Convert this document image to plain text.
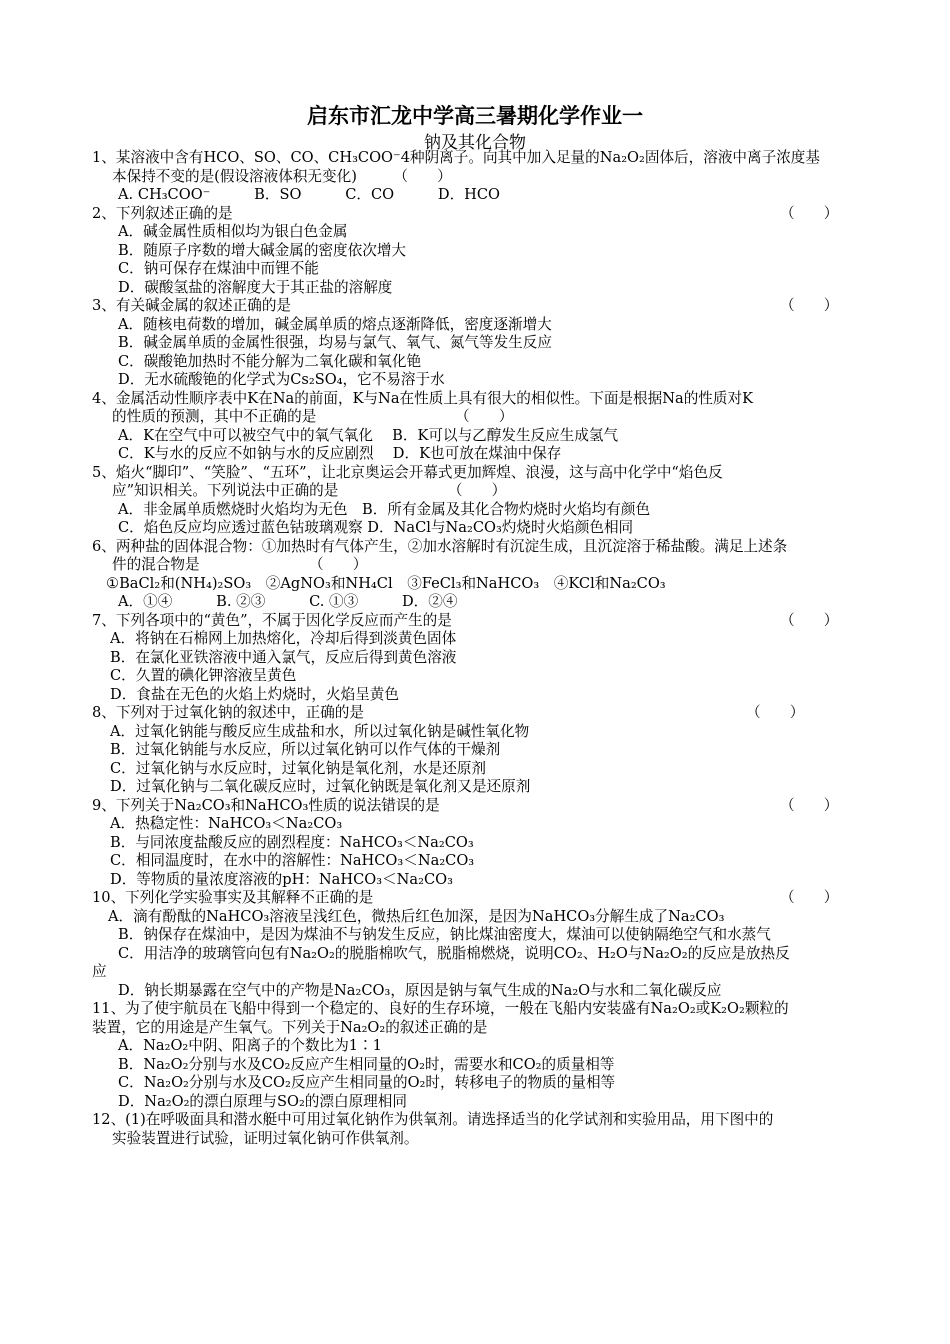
启东市汇龙中学高三暑期化学作业一
钠及其化合物
1、某溶液中含有HCO、SO、CO、CH₃COO⁻4种阴离子。向其中加入足量的Na₂O₂固体后，溶液中离子浓度基
本保持不变的是(假设溶液体积无变化)　　　（　　）
A. CH₃COO⁻　　　B．SO　　　C．CO　　　D．HCO
2、下列叙述正确的是	（　　）
A．碱金属性质相似均为银白色金属
B．随原子序数的增大碱金属的密度依次增大
C．钠可保存在煤油中而锂不能
D．碳酸氢盐的溶解度大于其正盐的溶解度
3、有关碱金属的叙述正确的是	（　　）
A．随核电荷数的增加，碱金属单质的熔点逐渐降低，密度逐渐增大
B．碱金属单质的金属性很强，均易与氯气、氧气、氮气等发生反应
C．碳酸铯加热时不能分解为二氧化碳和氧化铯
D．无水硫酸铯的化学式为Cs₂SO₄，它不易溶于水
4、金属活动性顺序表中K在Na的前面，K与Na在性质上具有很大的相似性。下面是根据Na的性质对K
的性质的预测，其中不正确的是　　　　　　　　　　（　　）
A．K在空气中可以被空气中的氧气氧化　 B．K可以与乙醇发生反应生成氢气
C．K与水的反应不如钠与水的反应剧烈　 D．K也可放在煤油中保存
5、焰火“脚印”、“笑脸”、“五环”，让北京奥运会开幕式更加辉煌、浪漫，这与高中化学中“焰色反
应”知识相关。下列说法中正确的是　　　　　　　　（　　）
A．非金属单质燃烧时火焰均为无色　B．所有金属及其化合物灼烧时火焰均有颜色
C．焰色反应均应透过蓝色钴玻璃观察 D．NaCl与Na₂CO₃灼烧时火焰颜色相同
6、两种盐的固体混合物：①加热时有气体产生，②加水溶解时有沉淀生成，且沉淀溶于稀盐酸。满足上述条
件的混合物是　　　　　　　　（　　）
①BaCl₂和(NH₄)₂SO₃　②AgNO₃和NH₄Cl　③FeCl₃和NaHCO₃　④KCl和Na₂CO₃
A．①④　　　B. ②③　　　C. ①③　　　D．②④
7、下列各项中的“黄色”，不属于因化学反应而产生的是	（　　）
A．将钠在石棉网上加热熔化，冷却后得到淡黄色固体
B．在氯化亚铁溶液中通入氯气，反应后得到黄色溶液
C．久置的碘化钾溶液呈黄色
D．食盐在无色的火焰上灼烧时，火焰呈黄色
8、下列对于过氧化钠的叙述中，正确的是	（　　）
A．过氧化钠能与酸反应生成盐和水，所以过氧化钠是碱性氧化物
B．过氧化钠能与水反应，所以过氧化钠可以作气体的干燥剂
C．过氧化钠与水反应时，过氧化钠是氧化剂，水是还原剂
D．过氧化钠与二氧化碳反应时，过氧化钠既是氧化剂又是还原剂
9、下列关于Na₂CO₃和NaHCO₃性质的说法错误的是	（　　）
A．热稳定性：NaHCO₃＜Na₂CO₃
B．与同浓度盐酸反应的剧烈程度：NaHCO₃＜Na₂CO₃
C．相同温度时，在水中的溶解性：NaHCO₃＜Na₂CO₃
D．等物质的量浓度溶液的pH：NaHCO₃＜Na₂CO₃
10、下列化学实验事实及其解释不正确的是	（　　）
A．滴有酚酞的NaHCO₃溶液呈浅红色，微热后红色加深，是因为NaHCO₃分解生成了Na₂CO₃
B．钠保存在煤油中，是因为煤油不与钠发生反应，钠比煤油密度大，煤油可以使钠隔绝空气和水蒸气
C．用洁净的玻璃管向包有Na₂O₂的脱脂棉吹气，脱脂棉燃烧，说明CO₂、H₂O与Na₂O₂的反应是放热反
应
D．钠长期暴露在空气中的产物是Na₂CO₃，原因是钠与氧气生成的Na₂O与水和二氧化碳反应
11、为了使宇航员在飞船中得到一个稳定的、良好的生存环境，一般在飞船内安装盛有Na₂O₂或K₂O₂颗粒的
装置，它的用途是产生氧气。下列关于Na₂O₂的叙述正确的是
A．Na₂O₂中阴、阳离子的个数比为1∶1
B．Na₂O₂分别与水及CO₂反应产生相同量的O₂时，需要水和CO₂的质量相等
C．Na₂O₂分别与水及CO₂反应产生相同量的O₂时，转移电子的物质的量相等
D．Na₂O₂的漂白原理与SO₂的漂白原理相同
12、(1)在呼吸面具和潜水艇中可用过氧化钠作为供氧剂。请选择适当的化学试剂和实验用品，用下图中的
实验装置进行试验，证明过氧化钠可作供氧剂。
